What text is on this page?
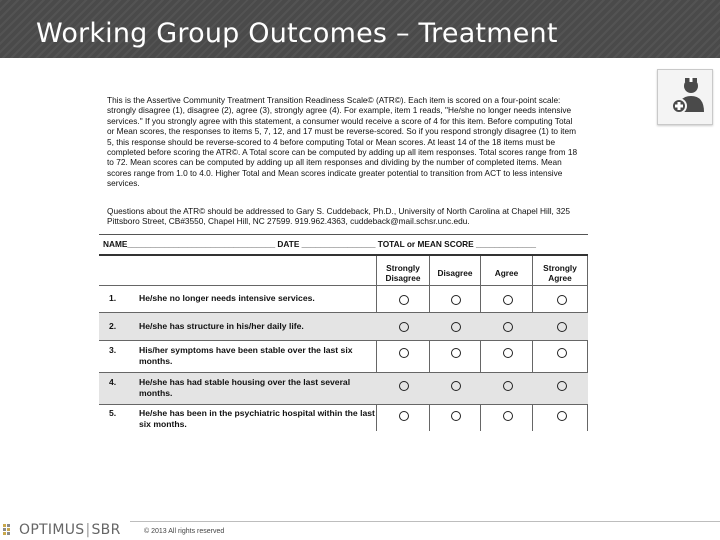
Working Group Outcomes – Treatment
This is the Assertive Community Treatment Transition Readiness Scale© (ATR©). Each item is scored on a four-point scale: strongly disagree (1), disagree (2), agree (3), strongly agree (4). For example, item 1 reads, "He/she no longer needs intensive services." If you strongly agree with this statement, a consumer would receive a score of 4 for this item. Before computing Total or Mean scores, the responses to items 5, 7, 12, and 17 must be reverse-scored. So if you respond strongly disagree (1) to item 5, this response should be reverse-scored to 4 before computing Total or Mean scores. At least 14 of the 18 items must be completed before scoring the ATR©. A Total score can be computed by adding up all item responses. Total scores range from 18 to 72. Mean scores can be computed by adding up all item responses and dividing by the number of completed items. Mean scores range from 1.0 to 4.0. Higher Total and Mean scores indicate greater potential to transition from ACT to less intensive services.
Questions about the ATR© should be addressed to Gary S. Cuddeback, Ph.D., University of North Carolina at Chapel Hill, 325 Pittsboro Street, CB#3550, Chapel Hill, NC 27599. 919.962.4363, cuddeback@mail.schsr.unc.edu.
NAME________________________________ DATE ________________ TOTAL or MEAN SCORE _____________
Strongly Disagree	Disagree	Agree	Strongly Agree
1.	He/she no longer needs intensive services.
2.	He/she has structure in his/her daily life.
3.	His/her symptoms have been stable over the last six months.
4.	He/she has had stable housing over the last several months.
5.	He/she has been in the psychiatric hospital within the last six months.
OPTIMUS | SBR	© 2013 All rights reserved
